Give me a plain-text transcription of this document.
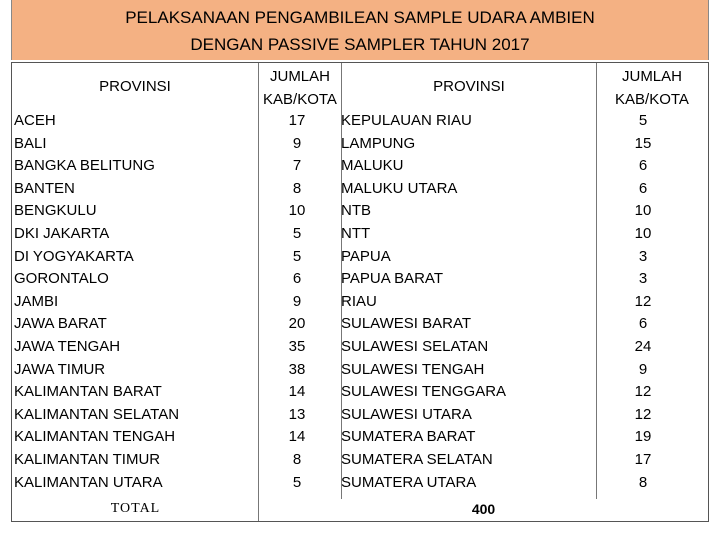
PELAKSANAAN PENGAMBILEAN SAMPLE UDARA AMBIEN
DENGAN PASSIVE SAMPLER TAHUN 2017
PROVINSI
JUMLAH
KAB/KOTA
PROVINSI
JUMLAH
KAB/KOTA
ACEH	17	KEPULAUAN RIAU	5
BALI	9	LAMPUNG	15
BANGKA BELITUNG	7	MALUKU	6
BANTEN	8	MALUKU UTARA	6
BENGKULU	10	NTB	10
DKI JAKARTA	5	NTT	10
DI YOGYAKARTA	5	PAPUA	3
GORONTALO	6	PAPUA BARAT	3
JAMBI	9	RIAU	12
JAWA BARAT	20	SULAWESI BARAT	6
JAWA TENGAH	35	SULAWESI SELATAN	24
JAWA TIMUR	38	SULAWESI TENGAH	9
KALIMANTAN BARAT	14	SULAWESI TENGGARA	12
KALIMANTAN SELATAN	13	SULAWESI UTARA	12
KALIMANTAN TENGAH	14	SUMATERA BARAT	19
KALIMANTAN TIMUR	8	SUMATERA SELATAN	17
KALIMANTAN UTARA	5	SUMATERA UTARA	8
TOTAL	400
